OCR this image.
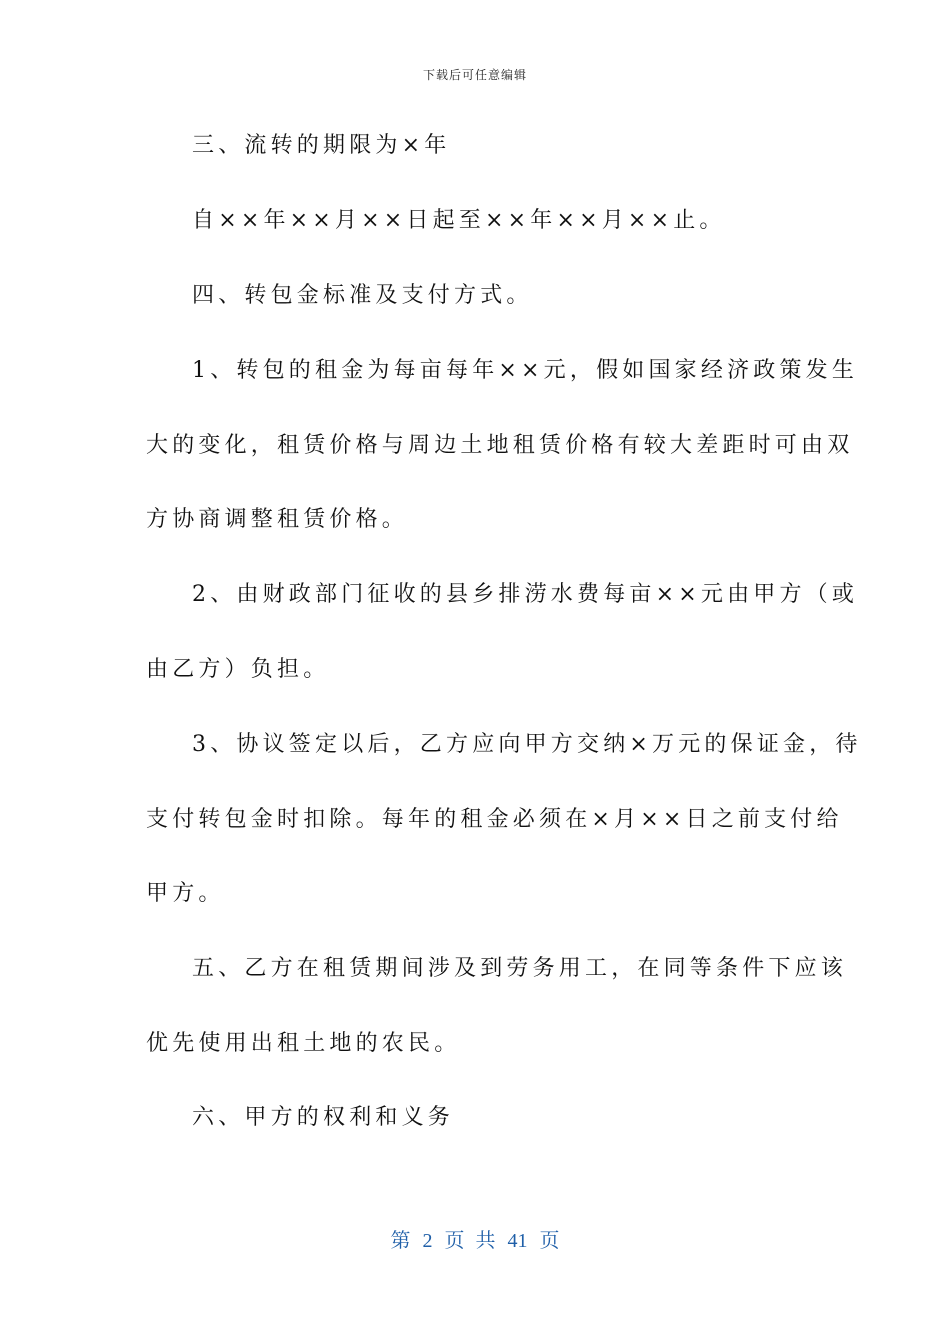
下载后可任意编辑
三、流转的期限为×年
自××年××月××日起至××年××月××止。
四、转包金标准及支付方式。
1、转包的租金为每亩每年××元，假如国家经济政策发生
大的变化，租赁价格与周边土地租赁价格有较大差距时可由双
方协商调整租赁价格。
2、由财政部门征收的县乡排涝水费每亩××元由甲方（或
由乙方）负担。
3、协议签定以后，乙方应向甲方交纳×万元的保证金，待
支付转包金时扣除。每年的租金必须在×月××日之前支付给
甲方。
五、乙方在租赁期间涉及到劳务用工，在同等条件下应该
优先使用出租土地的农民。
六、甲方的权利和义务
第 2 页 共 41 页
